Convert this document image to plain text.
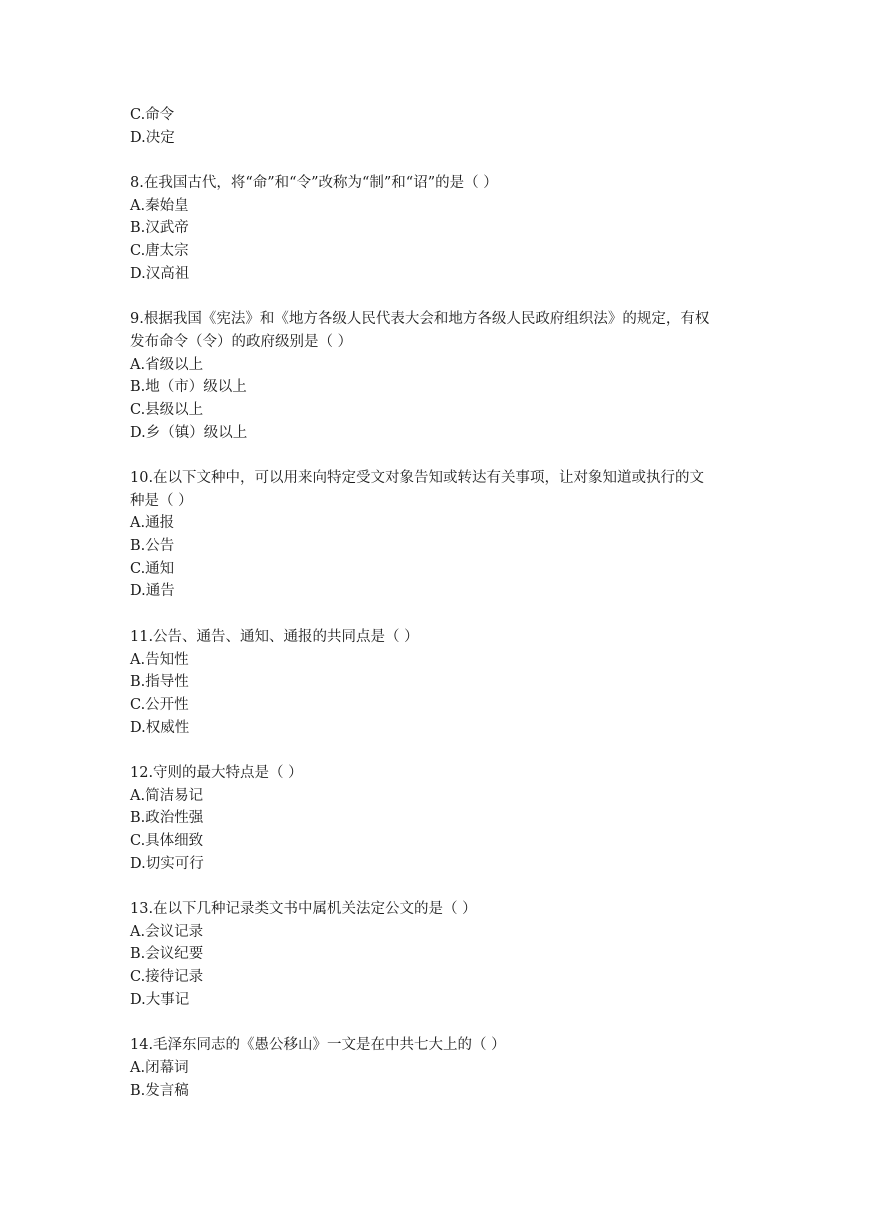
C.命令
D.决定
8.在我国古代，将“命”和“令”改称为“制”和“诏”的是（ ）
A.秦始皇
B.汉武帝
C.唐太宗
D.汉高祖
9.根据我国《宪法》和《地方各级人民代表大会和地方各级人民政府组织法》的规定，有权
发布命令（令）的政府级别是（ ）
A.省级以上
B.地（市）级以上
C.县级以上
D.乡（镇）级以上
10.在以下文种中，可以用来向特定受文对象告知或转达有关事项，让对象知道或执行的文
种是（ ）
A.通报
B.公告
C.通知
D.通告
11.公告、通告、通知、通报的共同点是（ ）
A.告知性
B.指导性
C.公开性
D.权威性
12.守则的最大特点是（ ）
A.简洁易记
B.政治性强
C.具体细致
D.切实可行
13.在以下几种记录类文书中属机关法定公文的是（ ）
A.会议记录
B.会议纪要
C.接待记录
D.大事记
14.毛泽东同志的《愚公移山》一文是在中共七大上的（ ）
A.闭幕词
B.发言稿
